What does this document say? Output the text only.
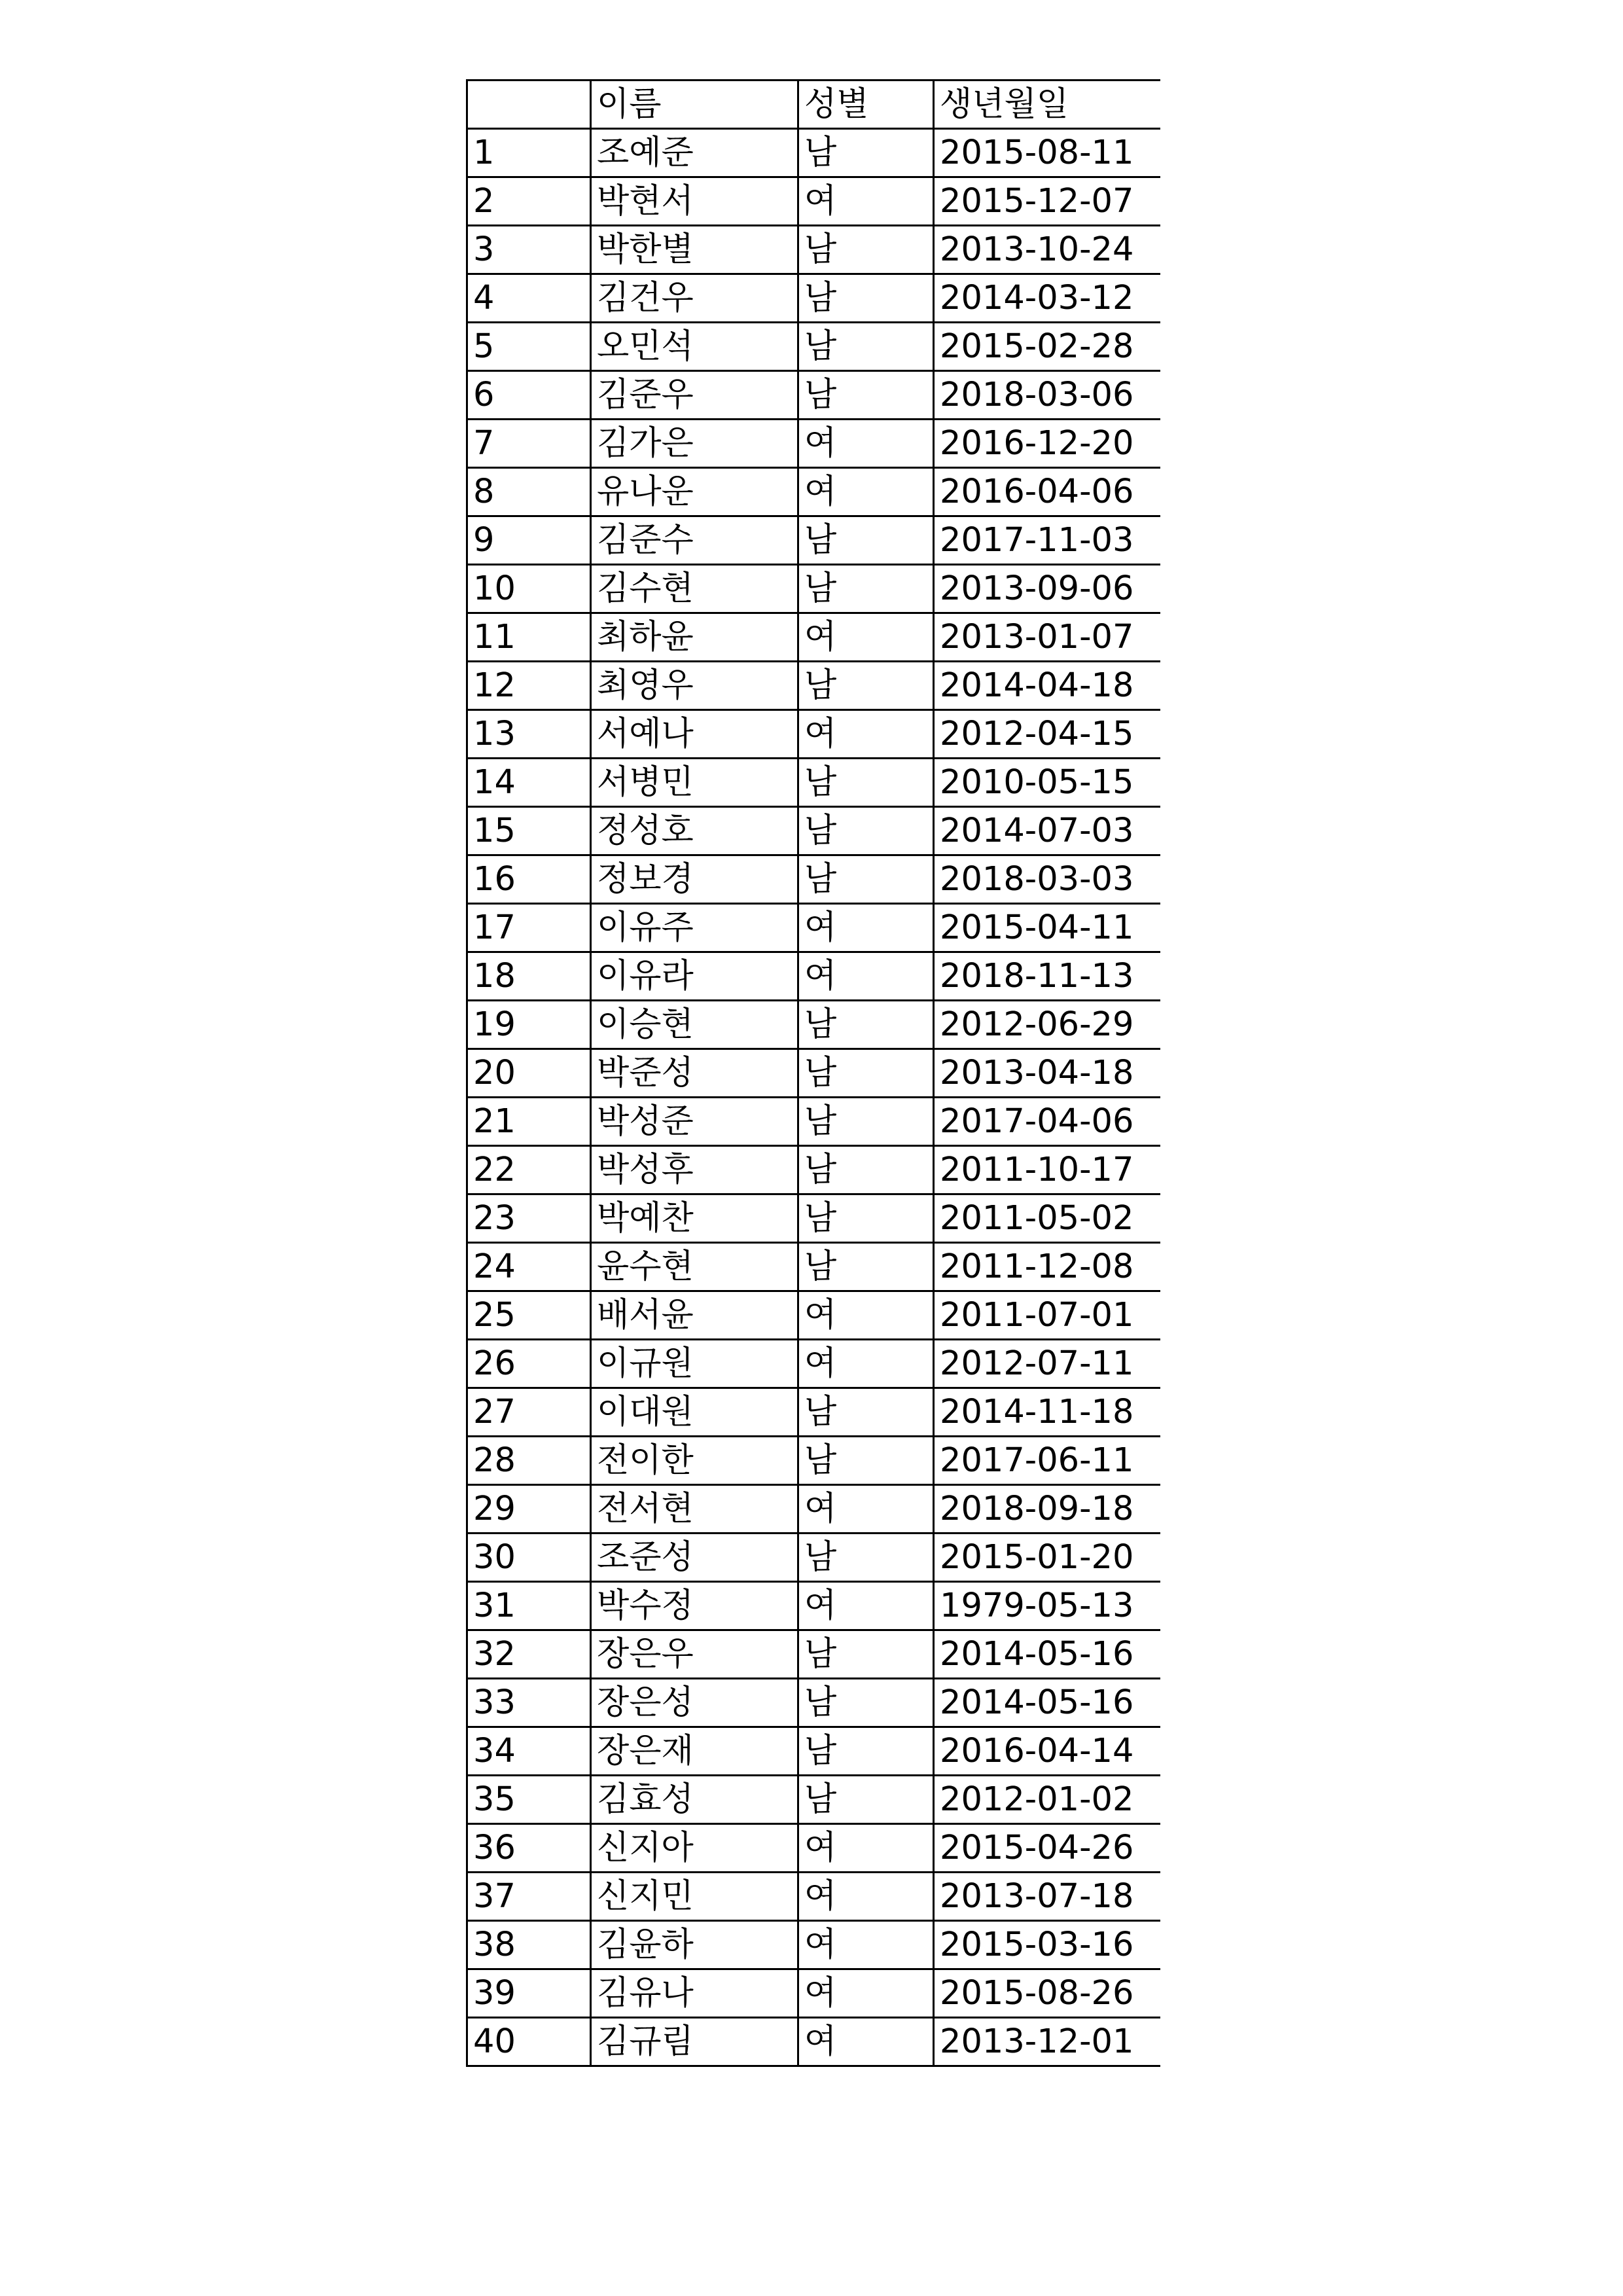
	이름	성별	생년월일
1	조예준	남	2015-08-11
2	박현서	여	2015-12-07
3	박한별	남	2013-10-24
4	김건우	남	2014-03-12
5	오민석	남	2015-02-28
6	김준우	남	2018-03-06
7	김가은	여	2016-12-20
8	유나운	여	2016-04-06
9	김준수	남	2017-11-03
10	김수현	남	2013-09-06
11	최하윤	여	2013-01-07
12	최영우	남	2014-04-18
13	서예나	여	2012-04-15
14	서병민	남	2010-05-15
15	정성호	남	2014-07-03
16	정보경	남	2018-03-03
17	이유주	여	2015-04-11
18	이유라	여	2018-11-13
19	이승현	남	2012-06-29
20	박준성	남	2013-04-18
21	박성준	남	2017-04-06
22	박성후	남	2011-10-17
23	박예찬	남	2011-05-02
24	윤수현	남	2011-12-08
25	배서윤	여	2011-07-01
26	이규원	여	2012-07-11
27	이대원	남	2014-11-18
28	전이한	남	2017-06-11
29	전서현	여	2018-09-18
30	조준성	남	2015-01-20
31	박수정	여	1979-05-13
32	장은우	남	2014-05-16
33	장은성	남	2014-05-16
34	장은재	남	2016-04-14
35	김효성	남	2012-01-02
36	신지아	여	2015-04-26
37	신지민	여	2013-07-18
38	김윤하	여	2015-03-16
39	김유나	여	2015-08-26
40	김규림	여	2013-12-01
